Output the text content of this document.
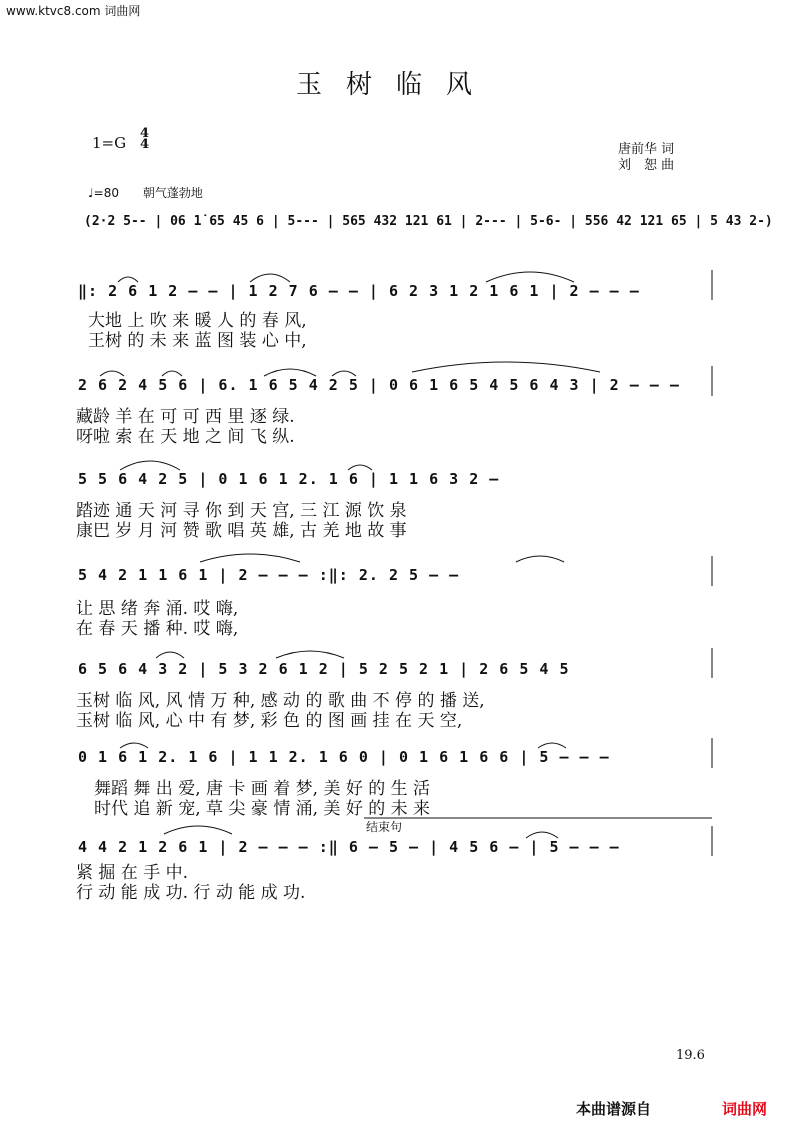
www.ktvc8.com 词曲网
玉树临风
1=G
4
4	唐前华 词
刘　恕 曲
♩=80 朝气蓬勃地
(2·2 5-- | 06 1̇ 65 45 6 | 5--- | 565 432 121 61 | 2--- | 5-6- | 556 42 121 65 | 5 43 2-)
‖: 2 6 1 2 – – | 1 2 7 6 – – | 6 2 3 1 2 1 6 1 | 2 – – –
大地 上 吹 来 暖 人 的 春 风,
王树 的 未 来 蓝 图 装 心 中,
2 6 2 4 5 6 | 6. 1 6 5 4 2 5 | 0 6 1 6 5 4 5 6 4 3 | 2 – – –
藏龄 羊 在 可 可 西 里 逐 绿.
呀啦 索 在 天 地 之 间 飞 纵.
5 5 6 4 2 5 | 0 1 6 1 2. 1 6 | 1 1 6 3 2 –
踏迹 通 天 河 寻 你 到 天 宫, 三 江 源 饮 泉
康巴 岁 月 河 赞 歌 唱 英 雄, 古 羌 地 故 事
5 4 2 1 1 6 1 | 2 – – – :‖: 2. 2 5 – –
让 思 绪 奔 涌. 哎 嗨,
在 春 天 播 种. 哎 嗨,
6 5 6 4 3 2 | 5 3 2 6 1 2 | 5 2 5 2 1 | 2 6 5 4 5
玉树 临 风, 风 情 万 种, 感 动 的 歌 曲 不 停 的 播 送,
玉树 临 风, 心 中 有 梦, 彩 色 的 图 画 挂 在 天 空,
0 1 6 1 2. 1 6 | 1 1 2. 1 6 0 | 0 1 6 1 6 6 | 5 – – –
舞蹈 舞 出 爱, 唐 卡 画 着 梦, 美 好 的 生 活
时代 追 新 宠, 草 尖 豪 情 涌, 美 好 的 未 来
结束句
4 4 2 1 2 6 1 | 2 – – – :‖ 6 – 5 – | 4 5 6 – | 5 – – –
紧 掘 在 手 中.
行 动 能 成 功. 行 动 能 成 功.
19.6
本曲谱源自	词曲网
